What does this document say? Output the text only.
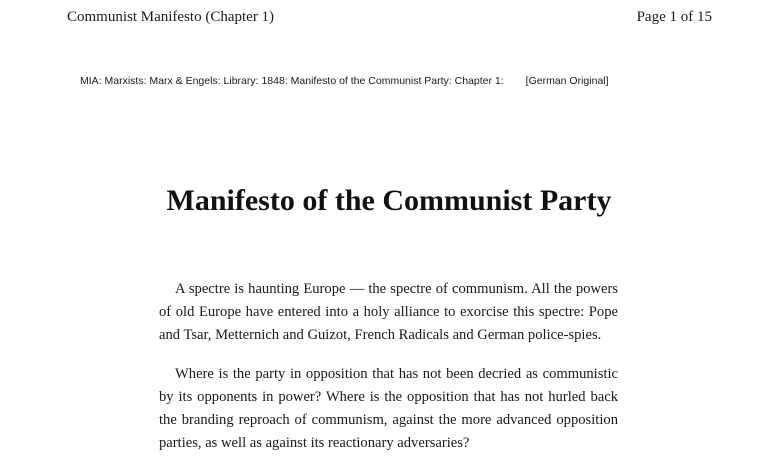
Communist Manifesto (Chapter 1)	Page 1 of 15
MIA: Marxists: Marx & Engels: Library: 1848: Manifesto of the Communist Party: Chapter 1: [German Original]
Manifesto of the Communist Party

A spectre is haunting Europe — the spectre of communism. All the powers of old Europe have entered into a holy alliance to exorcise this spectre: Pope and Tsar, Metternich and Guizot, French Radicals and German police-spies.

Where is the party in opposition that has not been decried as communistic by its opponents in power? Where is the opposition that has not hurled back the branding reproach of communism, against the more advanced opposition parties, as well as against its reactionary adversaries?
